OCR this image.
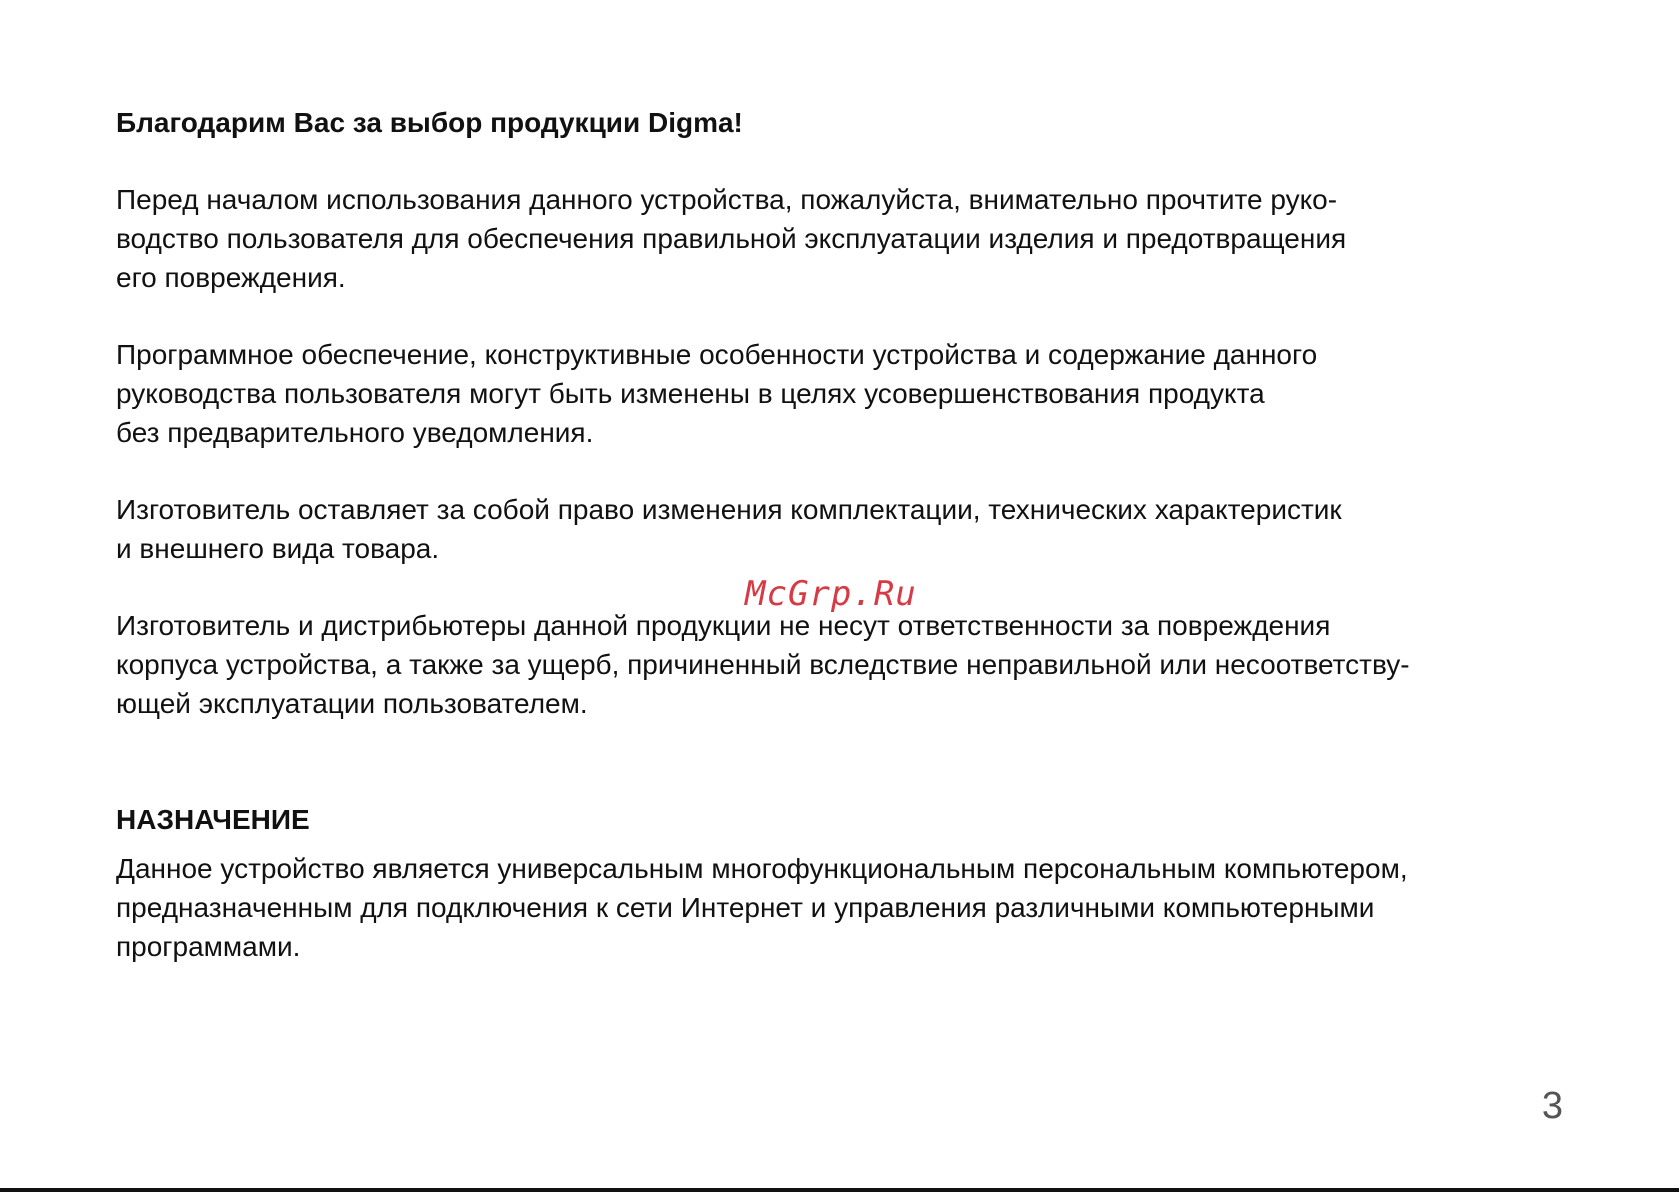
Благодарим Вас за выбор продукции Digma!

Перед началом использования данного устройства, пожалуйста, внимательно прочтите руко-
водство пользователя для обеспечения правильной эксплуатации изделия и предотвращения
его повреждения.

Программное обеспечение, конструктивные особенности устройства и содержание данного
руководства пользователя могут быть изменены в целях усовершенствования продукта
без предварительного уведомления.

Изготовитель оставляет за собой право изменения комплектации, технических характеристик
и внешнего вида товара.

Изготовитель и дистрибьютеры данной продукции не несут ответственности за повреждения
корпуса устройства, а также за ущерб, причиненный вследствие неправильной или несоответству-
ющей эксплуатации пользователем.

НАЗНАЧЕНИЕ

Данное устройство является универсальным многофункциональным персональным компьютером,
предназначенным для подключения к сети Интернет и управления различными компьютерными
программами.

McGrp.Ru
3
